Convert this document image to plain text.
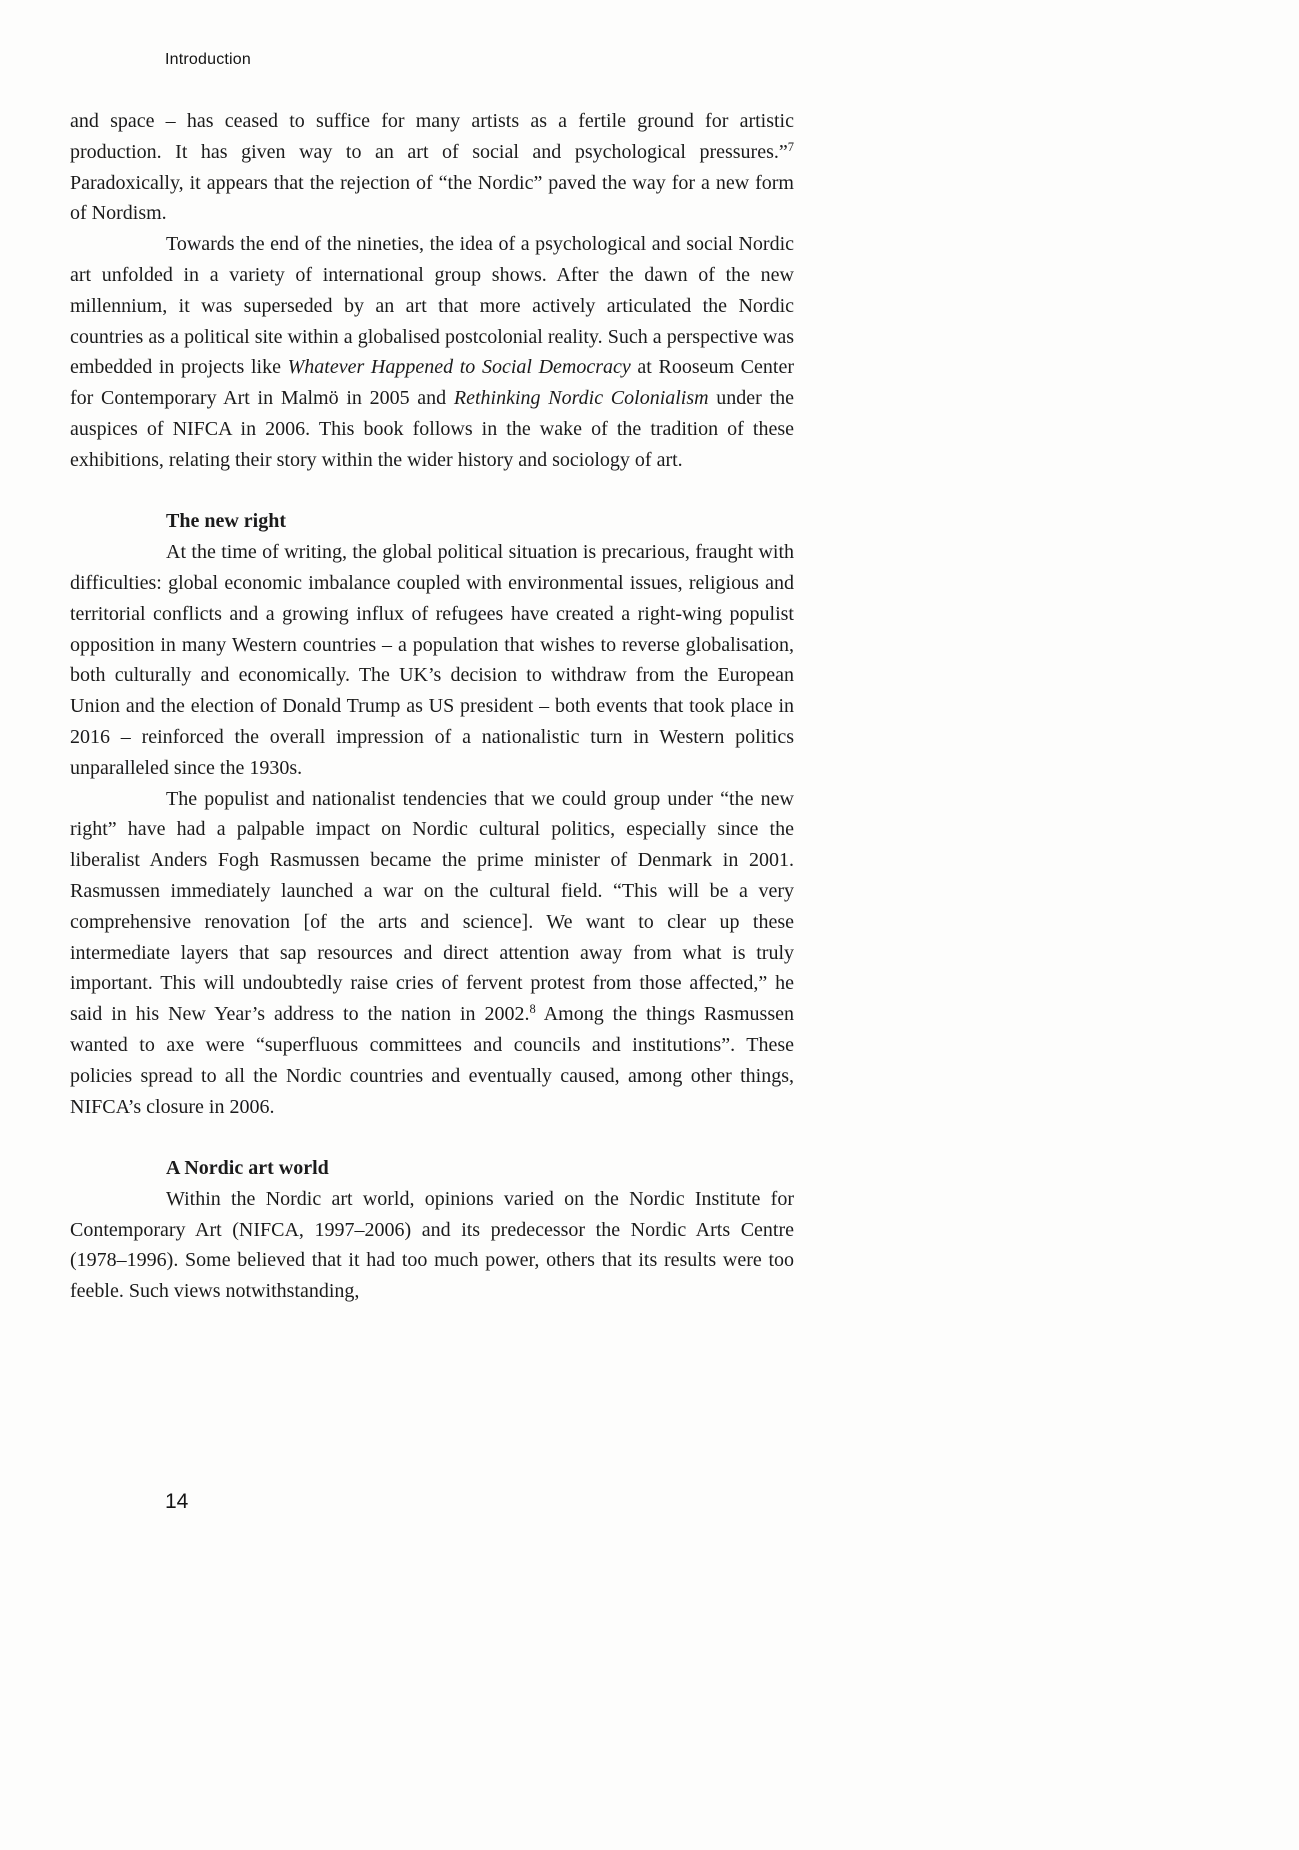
Introduction

and space – has ceased to suffice for many artists as a fertile ground for artistic production. It has given way to an art of social and psychological pressures.”$^7$ Paradoxically, it appears that the rejection of “the Nordic” paved the way for a new form of Nordism.

Towards the end of the nineties, the idea of a psychological and social Nordic art unfolded in a variety of international group shows. After the dawn of the new millennium, it was superseded by an art that more actively articulated the Nordic countries as a political site within a globalised postcolonial reality. Such a perspective was embedded in projects like Whatever Happened to Social Democracy at Rooseum Center for Contemporary Art in Malmö in 2005 and Rethinking Nordic Colonialism under the auspices of NIFCA in 2006. This book follows in the wake of the tradition of these exhibitions, relating their story within the wider history and sociology of art.

The new right

At the time of writing, the global political situation is precarious, fraught with difficulties: global economic imbalance coupled with environmental issues, religious and territorial conflicts and a growing influx of refugees have created a right-wing populist opposition in many Western countries – a population that wishes to reverse globalisation, both culturally and economically. The UK’s decision to withdraw from the European Union and the election of Donald Trump as US president – both events that took place in 2016 – reinforced the overall impression of a nationalistic turn in Western politics unparalleled since the 1930s.

The populist and nationalist tendencies that we could group under “the new right” have had a palpable impact on Nordic cultural politics, especially since the liberalist Anders Fogh Rasmussen became the prime minister of Denmark in 2001. Rasmussen immediately launched a war on the cultural field. “This will be a very comprehensive renovation [of the arts and science]. We want to clear up these intermediate layers that sap resources and direct attention away from what is truly important. This will undoubtedly raise cries of fervent protest from those affected,” he said in his New Year’s address to the nation in 2002.$^8$ Among the things Rasmussen wanted to axe were “superfluous committees and councils and institutions”. These policies spread to all the Nordic countries and eventually caused, among other things, NIFCA’s closure in 2006.

A Nordic art world

Within the Nordic art world, opinions varied on the Nordic Institute for Contemporary Art (NIFCA, 1997–2006) and its predecessor the Nordic Arts Centre (1978–1996). Some believed that it had too much power, others that its results were too feeble. Such views notwithstanding,

14
